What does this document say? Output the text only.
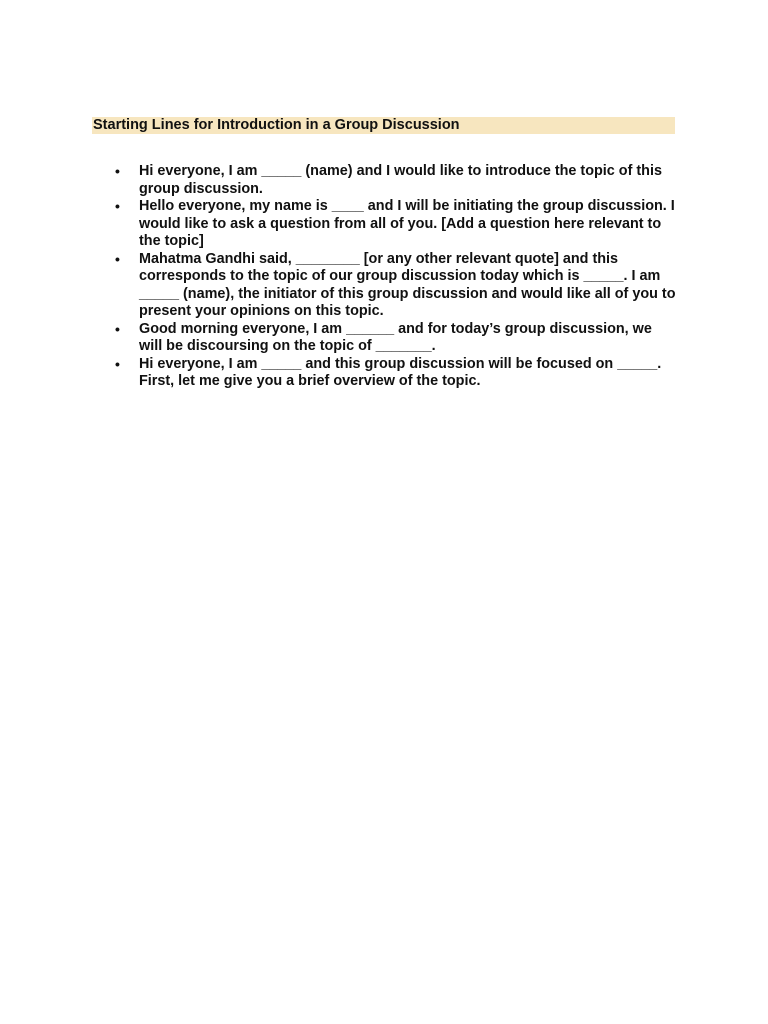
Starting Lines for Introduction in a Group Discussion
• Hi everyone, I am _____ (name) and I would like to introduce the topic of this group discussion.
• Hello everyone, my name is ____ and I will be initiating the group discussion. I would like to ask a question from all of you. [Add a question here relevant to the topic]
• Mahatma Gandhi said, ________ [or any other relevant quote] and this corresponds to the topic of our group discussion today which is _____. I am _____ (name), the initiator of this group discussion and would like all of you to present your opinions on this topic.
• Good morning everyone, I am ______ and for today’s group discussion, we will be discoursing on the topic of _______.
• Hi everyone, I am _____ and this group discussion will be focused on _____. First, let me give you a brief overview of the topic.
